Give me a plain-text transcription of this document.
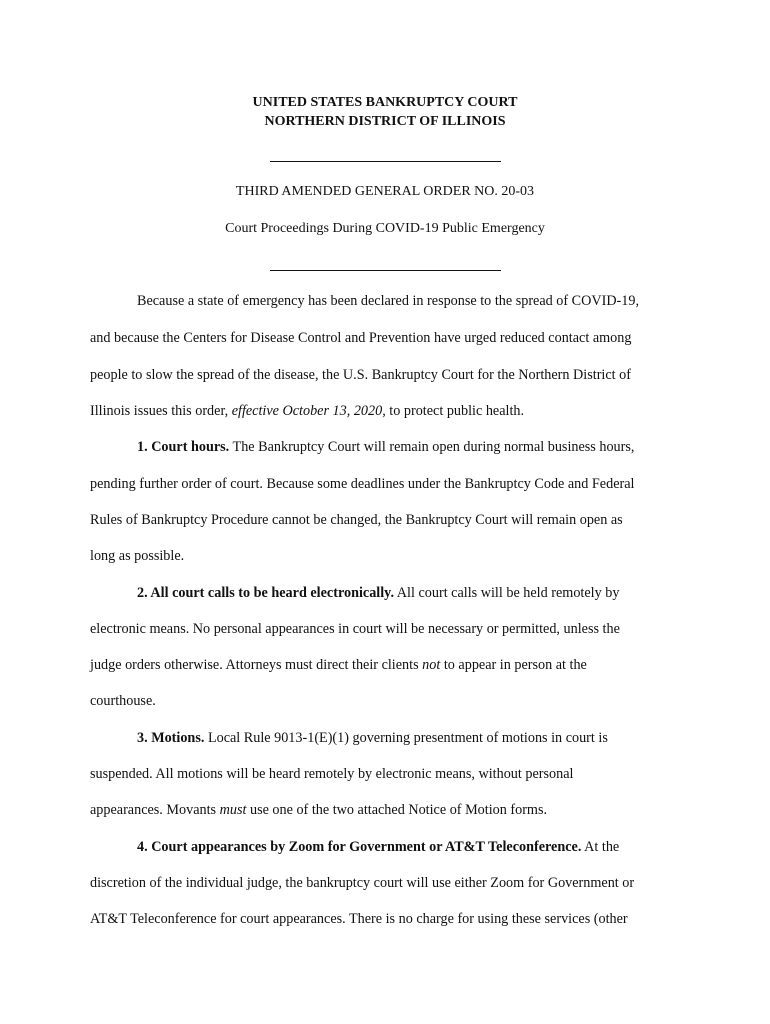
UNITED STATES BANKRUPTCY COURT
NORTHERN DISTRICT OF ILLINOIS
THIRD AMENDED GENERAL ORDER NO. 20-03
Court Proceedings During COVID-19 Public Emergency
Because a state of emergency has been declared in response to the spread of COVID-19,
and because the Centers for Disease Control and Prevention have urged reduced contact among
people to slow the spread of the disease, the U.S. Bankruptcy Court for the Northern District of
Illinois issues this order, effective October 13, 2020, to protect public health.
1. Court hours. The Bankruptcy Court will remain open during normal business hours,
pending further order of court. Because some deadlines under the Bankruptcy Code and Federal
Rules of Bankruptcy Procedure cannot be changed, the Bankruptcy Court will remain open as
long as possible.
2. All court calls to be heard electronically. All court calls will be held remotely by
electronic means. No personal appearances in court will be necessary or permitted, unless the
judge orders otherwise. Attorneys must direct their clients not to appear in person at the
courthouse.
3. Motions. Local Rule 9013-1(E)(1) governing presentment of motions in court is
suspended. All motions will be heard remotely by electronic means, without personal
appearances. Movants must use one of the two attached Notice of Motion forms.
4. Court appearances by Zoom for Government or AT&T Teleconference. At the
discretion of the individual judge, the bankruptcy court will use either Zoom for Government or
AT&T Teleconference for court appearances. There is no charge for using these services (other
